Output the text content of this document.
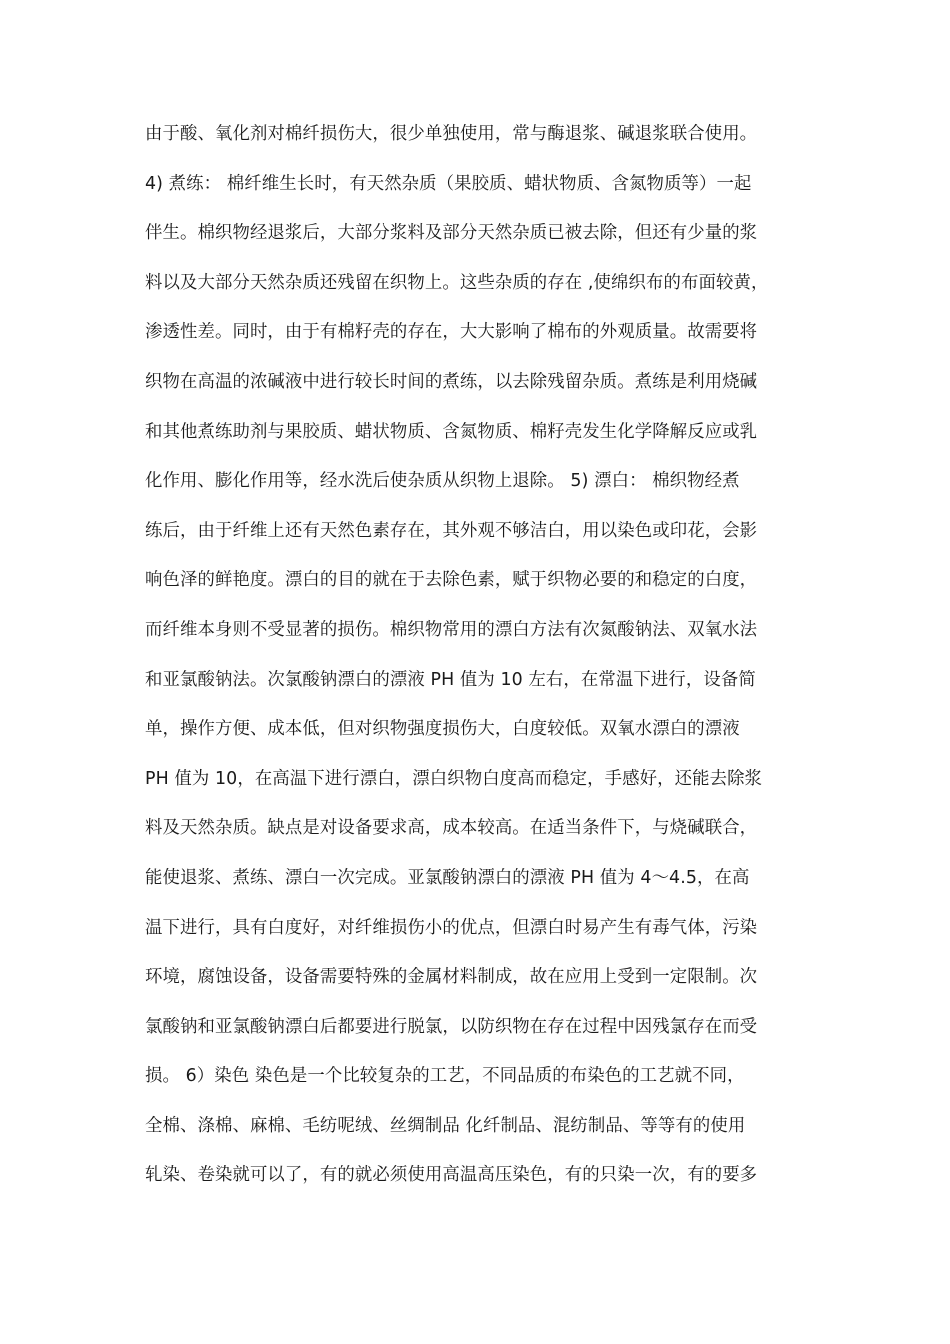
由于酸、氧化剂对棉纤损伤大，很少单独使用，常与酶退浆、碱退浆联合使用。
4) 煮练： 棉纤维生长时，有天然杂质（果胶质、蜡状物质、含氮物质等）一起
伴生。棉织物经退浆后，大部分浆料及部分天然杂质已被去除，但还有少量的浆
料以及大部分天然杂质还残留在织物上。这些杂质的存在 ,使绵织布的布面较黄，
渗透性差。同时，由于有棉籽壳的存在，大大影响了棉布的外观质量。故需要将
织物在高温的浓碱液中进行较长时间的煮练，以去除残留杂质。煮练是利用烧碱
和其他煮练助剂与果胶质、蜡状物质、含氮物质、棉籽壳发生化学降解反应或乳
化作用、膨化作用等，经水洗后使杂质从织物上退除。 5) 漂白： 棉织物经煮
练后，由于纤维上还有天然色素存在，其外观不够洁白，用以染色或印花，会影
响色泽的鲜艳度。漂白的目的就在于去除色素，赋于织物必要的和稳定的白度，
而纤维本身则不受显著的损伤。棉织物常用的漂白方法有次氮酸钠法、双氧水法
和亚氯酸钠法。次氯酸钠漂白的漂液 PH 值为 10 左右，在常温下进行，设备简
单，操作方便、成本低，但对织物强度损伤大，白度较低。双氧水漂白的漂液
PH 值为 10，在高温下进行漂白，漂白织物白度高而稳定，手感好，还能去除浆
料及天然杂质。缺点是对设备要求高，成本较高。在适当条件下，与烧碱联合，
能使退浆、煮练、漂白一次完成。亚氯酸钠漂白的漂液 PH 值为 4～4.5，在高
温下进行，具有白度好，对纤维损伤小的优点，但漂白时易产生有毒气体，污染
环境，腐蚀设备，设备需要特殊的金属材料制成，故在应用上受到一定限制。次
氯酸钠和亚氯酸钠漂白后都要进行脱氯，以防织物在存在过程中因残氯存在而受
损。 6）染色 染色是一个比较复杂的工艺，不同品质的布染色的工艺就不同，
全棉、涤棉、麻棉、毛纺呢绒、丝绸制品 化纤制品、混纺制品、等等有的使用
轧染、卷染就可以了，有的就必须使用高温高压染色，有的只染一次，有的要多
